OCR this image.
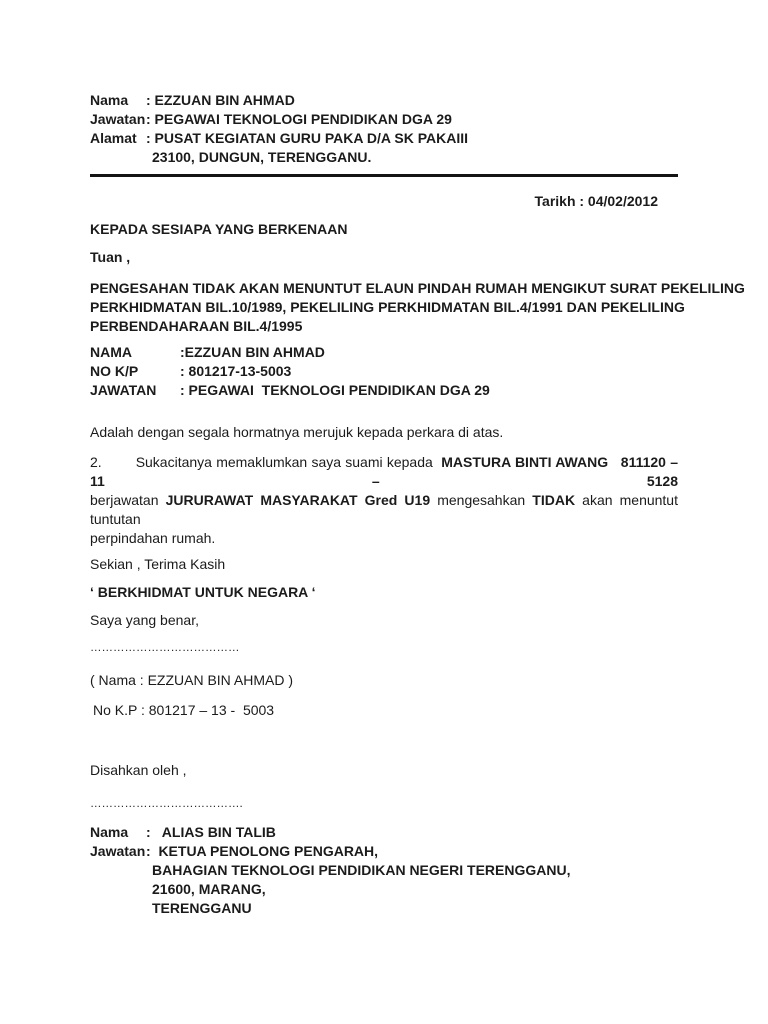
Nama	: EZZUAN BIN AHMAD
Jawatan : PEGAWAI TEKNOLOGI PENDIDIKAN DGA 29
Alamat : PUSAT KEGIATAN GURU PAKA D/A SK PAKAIII
23100, DUNGUN, TERENGGANU.
Tarikh : 04/02/2012
KEPADA SESIAPA YANG BERKENAAN
Tuan ,
PENGESAHAN TIDAK AKAN MENUNTUT ELAUN PINDAH RUMAH MENGIKUT SURAT PEKELILING
PERKHIDMATAN BIL.10/1989, PEKELILING PERKHIDMATAN BIL.4/1991 DAN PEKELILING
PERBENDAHARAAN BIL.4/1995
NAMA	:EZZUAN BIN AHMAD
NO K/P	: 801217-13-5003
JAWATAN	: PEGAWAI  TEKNOLOGI PENDIDIKAN DGA 29
Adalah dengan segala hormatnya merujuk kepada perkara di atas.
2. Sukacitanya memaklumkan saya suami kepada  MASTURA BINTI AWANG   811120 – 11 – 5128
berjawatan JURURAWAT MASYARAKAT Gred U19 mengesahkan TIDAK akan menuntut tuntutan
perpindahan rumah.
Sekian , Terima Kasih
‘ BERKHIDMAT UNTUK NEGARA ‘
Saya yang benar,
…………………………………
( Nama : EZZUAN BIN AHMAD )
No K.P : 801217 – 13 -  5003
Disahkan oleh ,
………………………………….
Nama	:   ALIAS BIN TALIB
Jawatan :  KETUA PENOLONG PENGARAH,
BAHAGIAN TEKNOLOGI PENDIDIKAN NEGERI TERENGGANU,
21600, MARANG,
TERENGGANU
